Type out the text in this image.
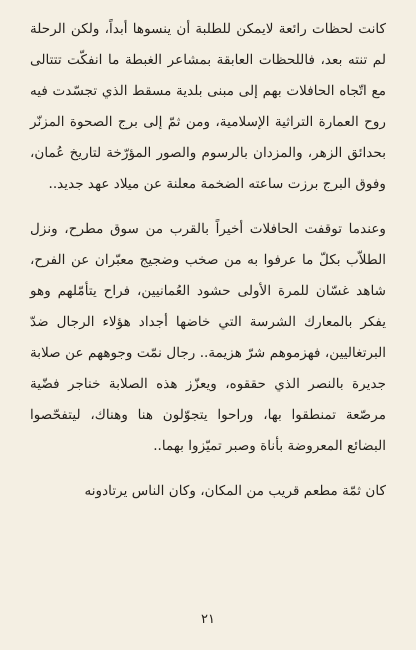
كانت لحظات رائعة لايمكن للطلبة أن ينسوها أبداً، ولكن الرحلة لم تنته بعد، فاللحظات العابقة بمشاعر الغبطة ما انفكّت تتتالى مع اتّجاه الحافلات بهم إلى مبنى بلدية مسقط الذي تجسّدت فيه روح العمارة التراثية الإسلامية، ومن ثمّ إلى برج الصحوة المزنّر بحدائق الزهر، والمزدان بالرسوم والصور المؤرّخة لتاريخ عُمان، وفوق البرج برزت ساعته الضخمة معلنة عن ميلاد عهد جديد..

وعندما توقفت الحافلات أخيراً بالقرب من سوق مطرح، ونزل الطلاّب بكلّ ما عرفوا به من صخب وضجيج معبّران عن الفرح، شاهد غسّان للمرة الأولى حشود العُمانيين، فراح يتأمّلهم وهو يفكر بالمعارك الشرسة التي خاضها أجداد هؤلاء الرجال ضدّ البرتغاليين، فهزموهم شرّ هزيمة.. رجال نمّت وجوههم عن صلابة جديرة بالنصر الذي حققوه، ويعزّز هذه الصلابة خناجر فضّية مرصّعة تمنطقوا بها، وراحوا يتجوّلون هنا وهناك، ليتفحّصوا البضائع المعروضة بأناة وصبر تميّزوا بهما..

كان ثمّة مطعم قريب من المكان، وكان الناس يرتادونه

٢١
